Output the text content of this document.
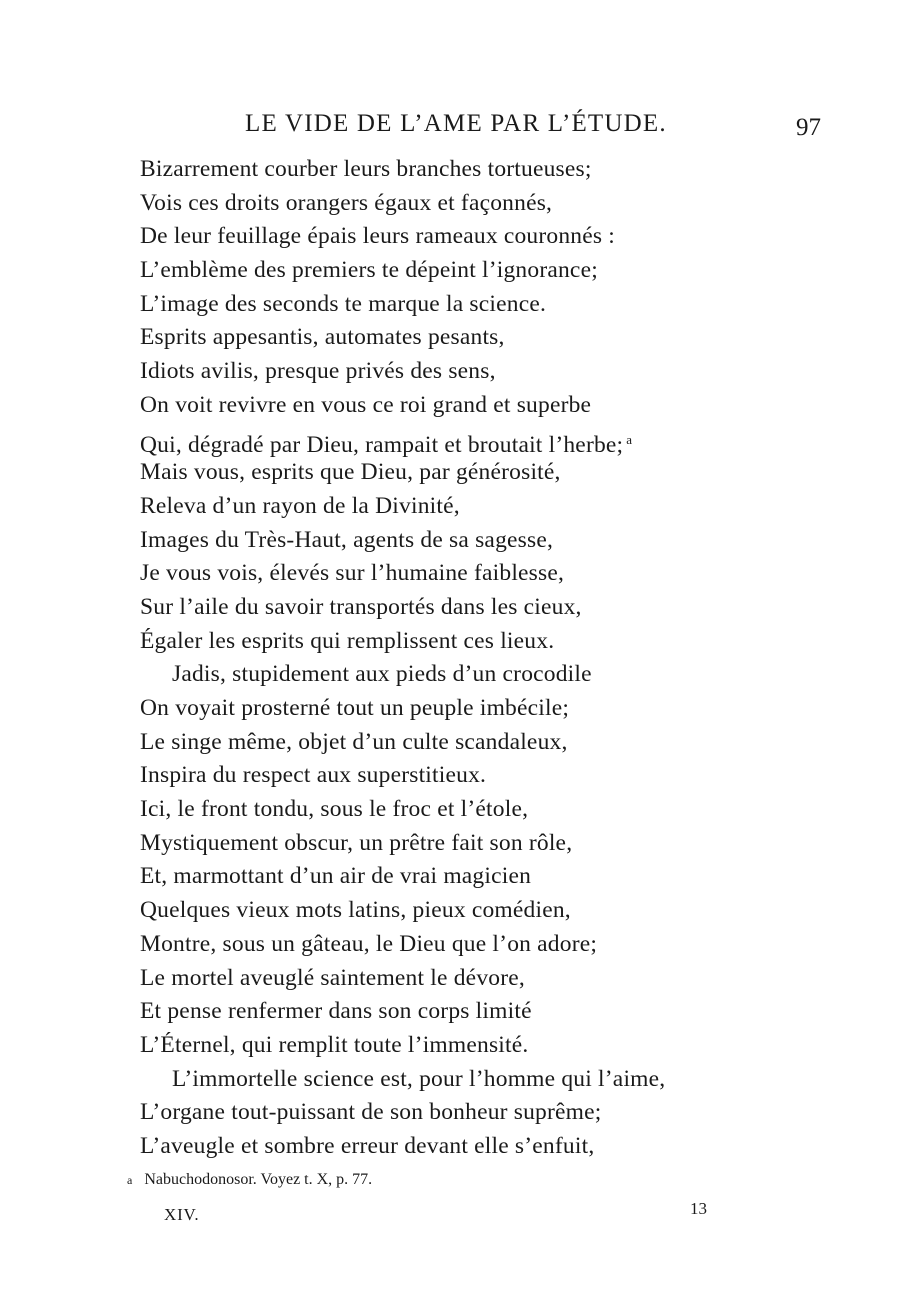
LE VIDE DE L’AME PAR L’ÉTUDE.	97
Bizarrement courber leurs branches tortueuses;
Vois ces droits orangers égaux et façonnés,
De leur feuillage épais leurs rameaux couronnés :
L’emblème des premiers te dépeint l’ignorance;
L’image des seconds te marque la science.
Esprits appesantis, automates pesants,
Idiots avilis, presque privés des sens,
On voit revivre en vous ce roi grand et superbe
Qui, dégradé par Dieu, rampait et broutait l’herbe; $^a$
Mais vous, esprits que Dieu, par générosité,
Releva d’un rayon de la Divinité,
Images du Très-Haut, agents de sa sagesse,
Je vous vois, élevés sur l’humaine faiblesse,
Sur l’aile du savoir transportés dans les cieux,
Égaler les esprits qui remplissent ces lieux.
Jadis, stupidement aux pieds d’un crocodile
On voyait prosterné tout un peuple imbécile;
Le singe même, objet d’un culte scandaleux,
Inspira du respect aux superstitieux.
Ici, le front tondu, sous le froc et l’étole,
Mystiquement obscur, un prêtre fait son rôle,
Et, marmottant d’un air de vrai magicien
Quelques vieux mots latins, pieux comédien,
Montre, sous un gâteau, le Dieu que l’on adore;
Le mortel aveuglé saintement le dévore,
Et pense renfermer dans son corps limité
L’Éternel, qui remplit toute l’immensité.
L’immortelle science est, pour l’homme qui l’aime,
L’organe tout-puissant de son bonheur suprême;
L’aveugle et sombre erreur devant elle s’enfuit,
a Nabuchodonosor. Voyez t. X, p. 77.
XIV.	13
